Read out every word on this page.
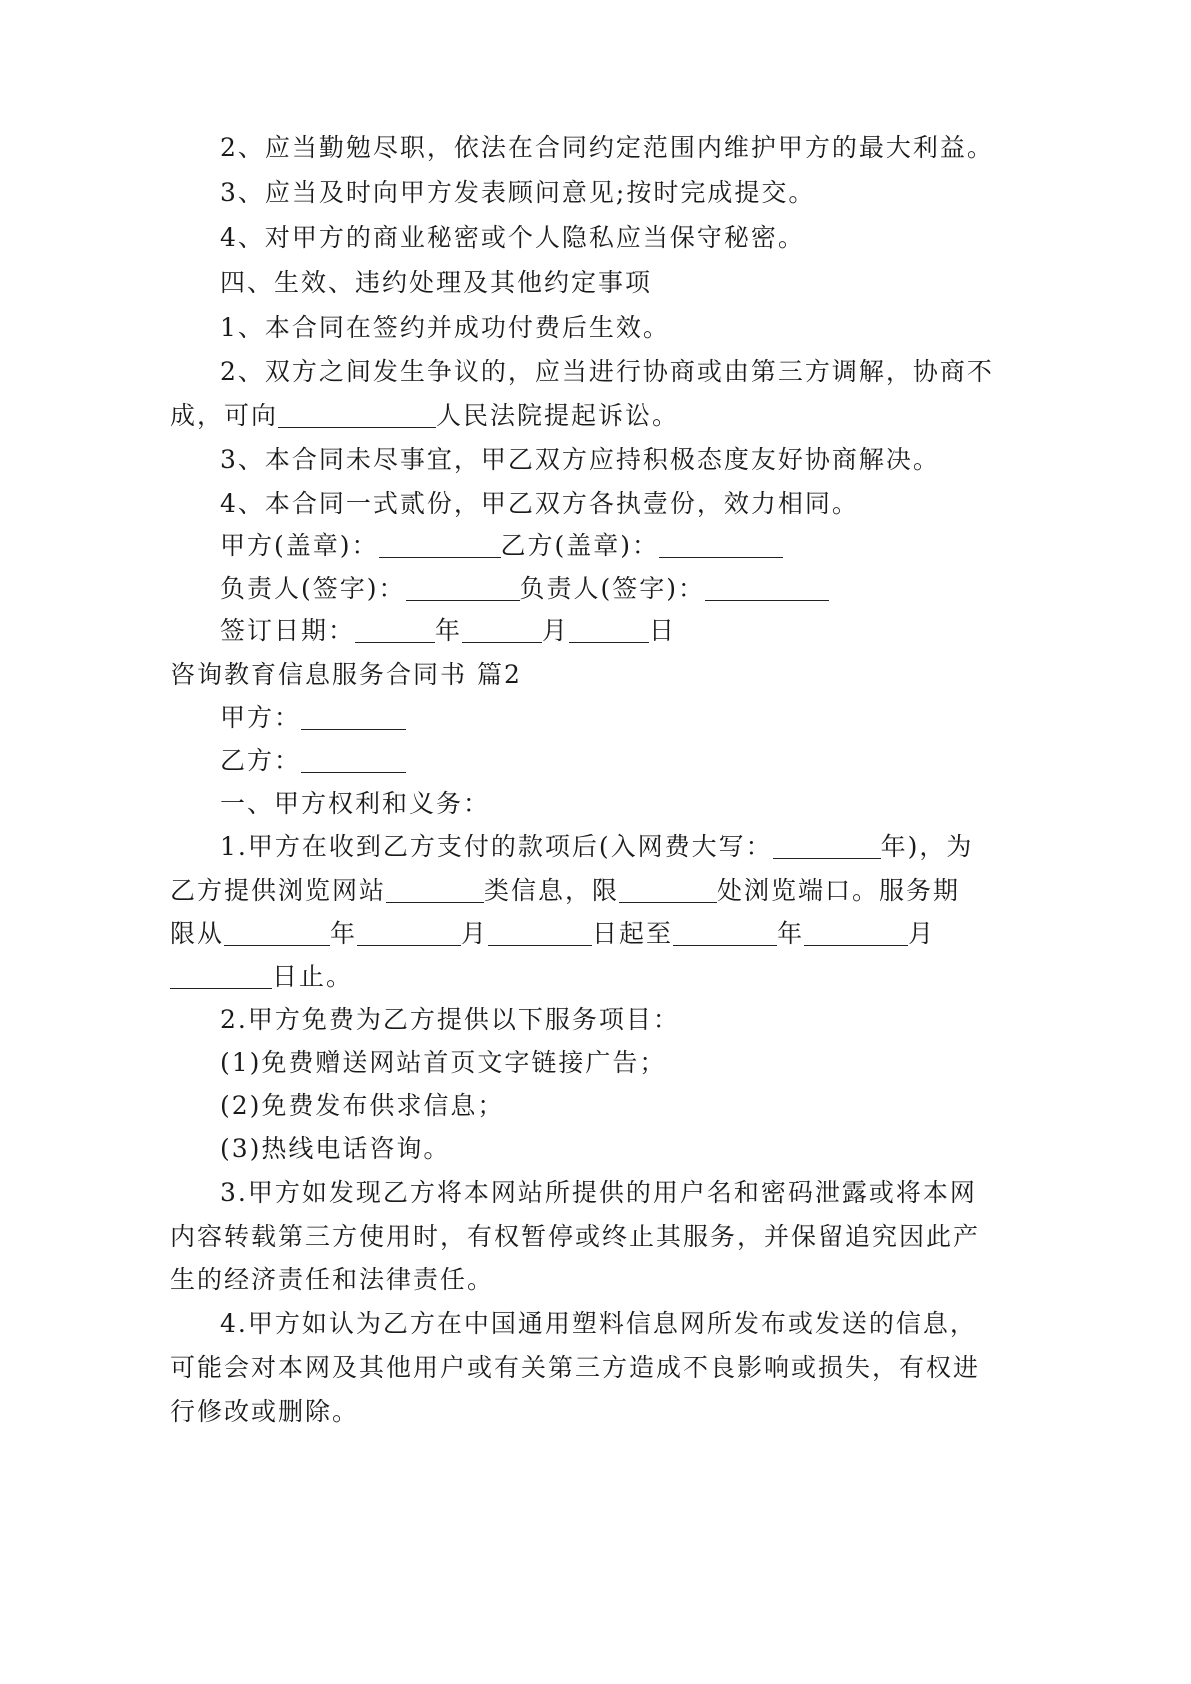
2、应当勤勉尽职，依法在合同约定范围内维护甲方的最大利益。
3、应当及时向甲方发表顾问意见;按时完成提交。
4、对甲方的商业秘密或个人隐私应当保守秘密。
四、生效、违约处理及其他约定事项
1、本合同在签约并成功付费后生效。
2、双方之间发生争议的，应当进行协商或由第三方调解，协商不
成，可向	人民法院提起诉讼。
3、本合同未尽事宜，甲乙双方应持积极态度友好协商解决。
4、本合同一式贰份，甲乙双方各执壹份，效力相同。
甲方(盖章)：	乙方(盖章)：
负责人(签字)：	负责人(签字)：
签订日期：	年	月	日
咨询教育信息服务合同书 篇2
甲方：
乙方：
一、甲方权利和义务：
1.甲方在收到乙方支付的款项后(入网费大写：	年)，为
乙方提供浏览网站	类信息，限	处浏览端口。服务期
限从	年	月	日起至	年	月
日止。
2.甲方免费为乙方提供以下服务项目：
(1)免费赠送网站首页文字链接广告；
(2)免费发布供求信息；
(3)热线电话咨询。
3.甲方如发现乙方将本网站所提供的用户名和密码泄露或将本网
内容转载第三方使用时，有权暂停或终止其服务，并保留追究因此产
生的经济责任和法律责任。
4.甲方如认为乙方在中国通用塑料信息网所发布或发送的信息，
可能会对本网及其他用户或有关第三方造成不良影响或损失，有权进
行修改或删除。
